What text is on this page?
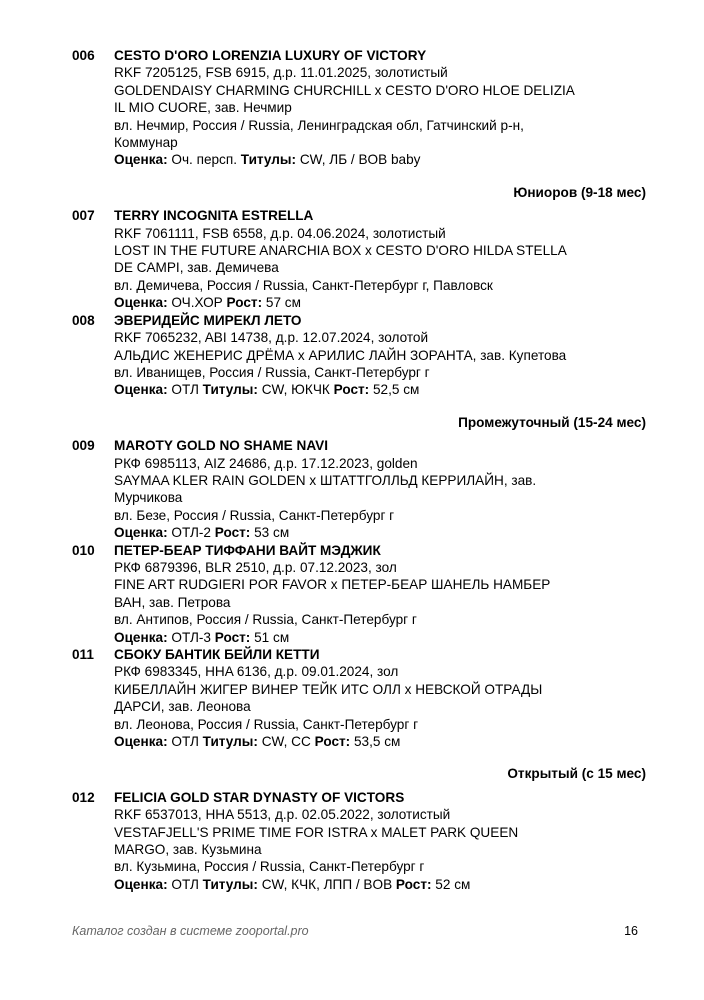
006 CESTO D'ORO LORENZIA LUXURY OF VICTORY
RKF 7205125, FSB 6915, д.р. 11.01.2025, золотистый
GOLDENDAISY CHARMING CHURCHILL x CESTO D'ORO HLOE DELIZIA
IL MIO CUORE, зав. Нечмир
вл. Нечмир, Россия / Russia, Ленинградская обл, Гатчинский р-н,
Коммунар
Оценка: Оч. персп. Титулы: CW, ЛБ / BOB baby
Юниоров (9-18 мес)
007 TERRY INCOGNITA ESTRELLA
RKF 7061111, FSB 6558, д.р. 04.06.2024, золотистый
LOST IN THE FUTURE ANARCHIA BOX x CESTO D'ORO HILDA STELLA
DE CAMPI, зав. Демичева
вл. Демичева, Россия / Russia, Санкт-Петербург г, Павловск
Оценка: ОЧ.ХОР Рост: 57 см
008 ЭВЕРИДЕЙС МИРЕКЛ ЛЕТО
RKF 7065232, ABI 14738, д.р. 12.07.2024, золотой
АЛЬДИС ЖЕНЕРИС ДРЁМА x АРИЛИС ЛАЙН ЗОРАНТА, зав. Купетова
вл. Иванищев, Россия / Russia, Санкт-Петербург г
Оценка: ОТЛ Титулы: CW, ЮКЧК Рост: 52,5 см
Промежуточный (15-24 мес)
009 MAROTY GOLD NO SHAME NAVI
РКФ 6985113, AIZ 24686, д.р. 17.12.2023, golden
SAYMAA KLER RAIN GOLDEN x ШТАТТГОЛЛЬД КЕРРИЛАЙН, зав.
Мурчикова
вл. Безе, Россия / Russia, Санкт-Петербург г
Оценка: ОТЛ-2 Рост: 53 см
010 ПЕТЕР-БЕАР ТИФФАНИ ВАЙТ МЭДЖИК
РКФ 6879396, BLR 2510, д.р. 07.12.2023, зол
FINE ART RUDGIERI POR FAVOR x ПЕТЕР-БЕАР ШАНЕЛЬ НАМБЕР
ВАН, зав. Петрова
вл. Антипов, Россия / Russia, Санкт-Петербург г
Оценка: ОТЛ-3 Рост: 51 см
011 СБОКУ БАНТИК БЕЙЛИ КЕТТИ
РКФ 6983345, HHA 6136, д.р. 09.01.2024, зол
КИБЕЛЛАЙН ЖИГЕР ВИНЕР ТЕЙК ИТС ОЛЛ x НЕВСКОЙ ОТРАДЫ
ДАРСИ, зав. Леонова
вл. Леонова, Россия / Russia, Санкт-Петербург г
Оценка: ОТЛ Титулы: CW, CC Рост: 53,5 см
Открытый (с 15 мес)
012 FELICIA GOLD STAR DYNASTY OF VICTORS
RKF 6537013, HHA 5513, д.р. 02.05.2022, золотистый
VESTAFJELL'S PRIME TIME FOR ISTRA x MALET PARK QUEEN
MARGO, зав. Кузьмина
вл. Кузьмина, Россия / Russia, Санкт-Петербург г
Оценка: ОТЛ Титулы: CW, КЧК, ЛПП / BOB Рост: 52 см
Каталог создан в системе zooportal.pro	16
